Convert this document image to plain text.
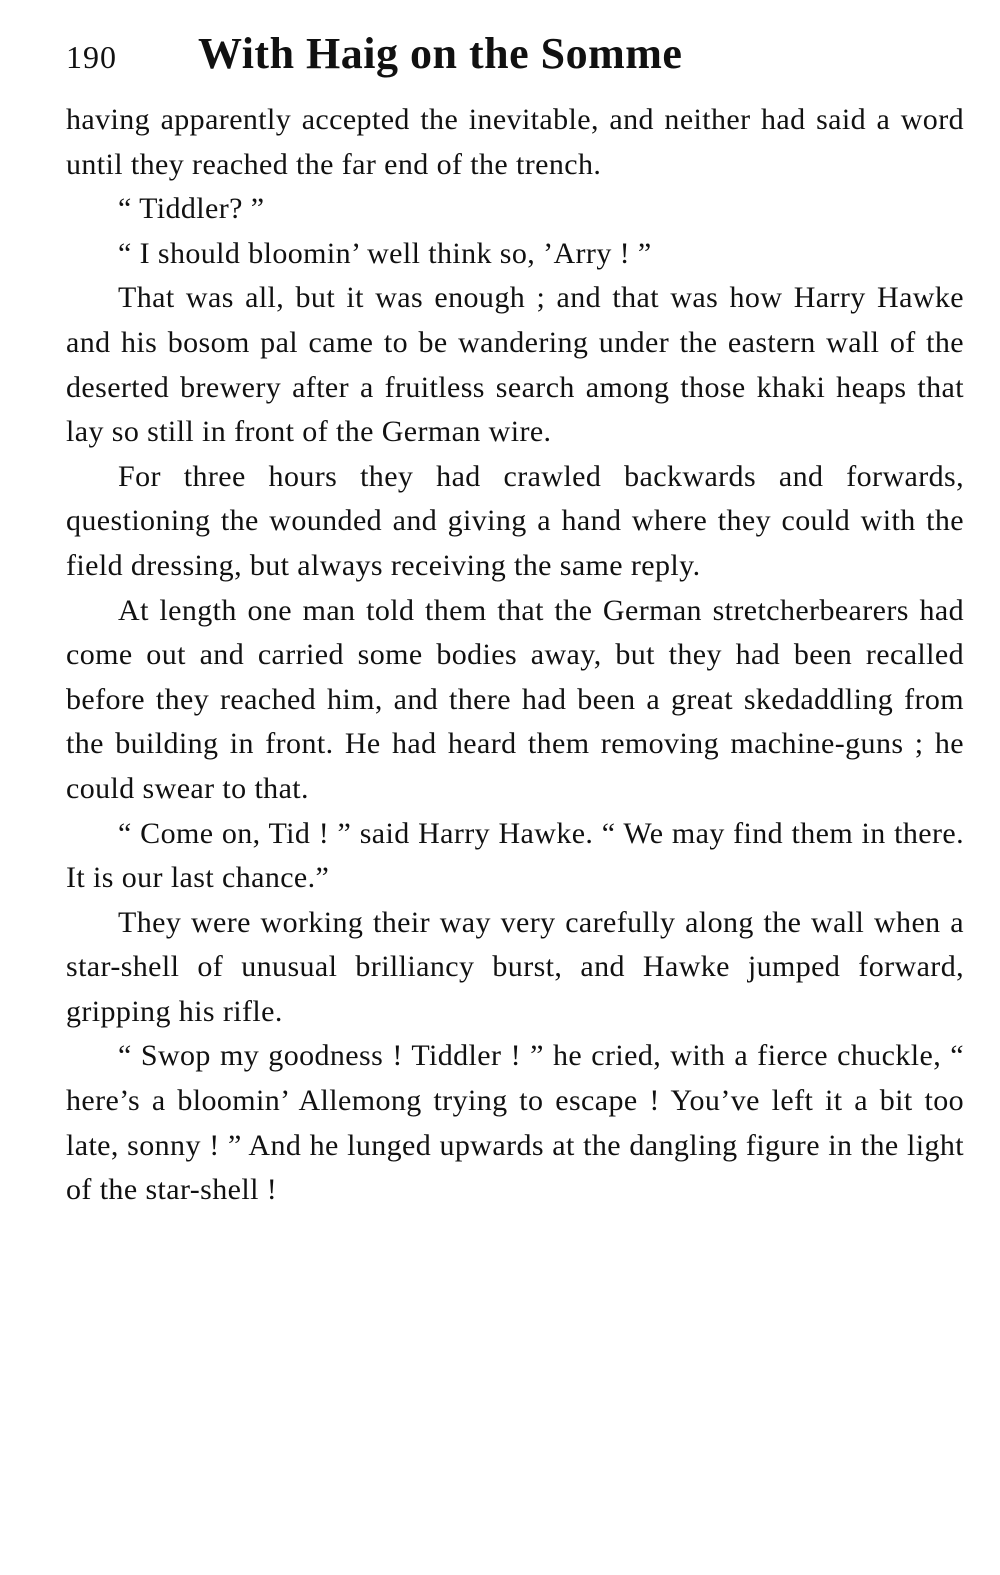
190	With Haig on the Somme

having apparently accepted the inevitable, and neither had said a word until they reached the far end of the trench.

“ Tiddler? ”

“ I should bloomin’ well think so, ’Arry ! ”

That was all, but it was enough ; and that was how Harry Hawke and his bosom pal came to be wandering under the eastern wall of the deserted brewery after a fruitless search among those khaki heaps that lay so still in front of the German wire.

For three hours they had crawled backwards and forwards, questioning the wounded and giving a hand where they could with the field dressing, but always receiving the same reply.

At length one man told them that the German stretcherbearers had come out and carried some bodies away, but they had been recalled before they reached him, and there had been a great skedaddling from the building in front. He had heard them removing machine-guns ; he could swear to that.

“ Come on, Tid ! ” said Harry Hawke. “ We may find them in there. It is our last chance.”

They were working their way very carefully along the wall when a star-shell of unusual brilliancy burst, and Hawke jumped forward, gripping his rifle.

“ Swop my goodness ! Tiddler ! ” he cried, with a fierce chuckle, “ here’s a bloomin’ Allemong trying to escape ! You’ve left it a bit too late, sonny ! ” And he lunged upwards at the dangling figure in the light of the star-shell !
